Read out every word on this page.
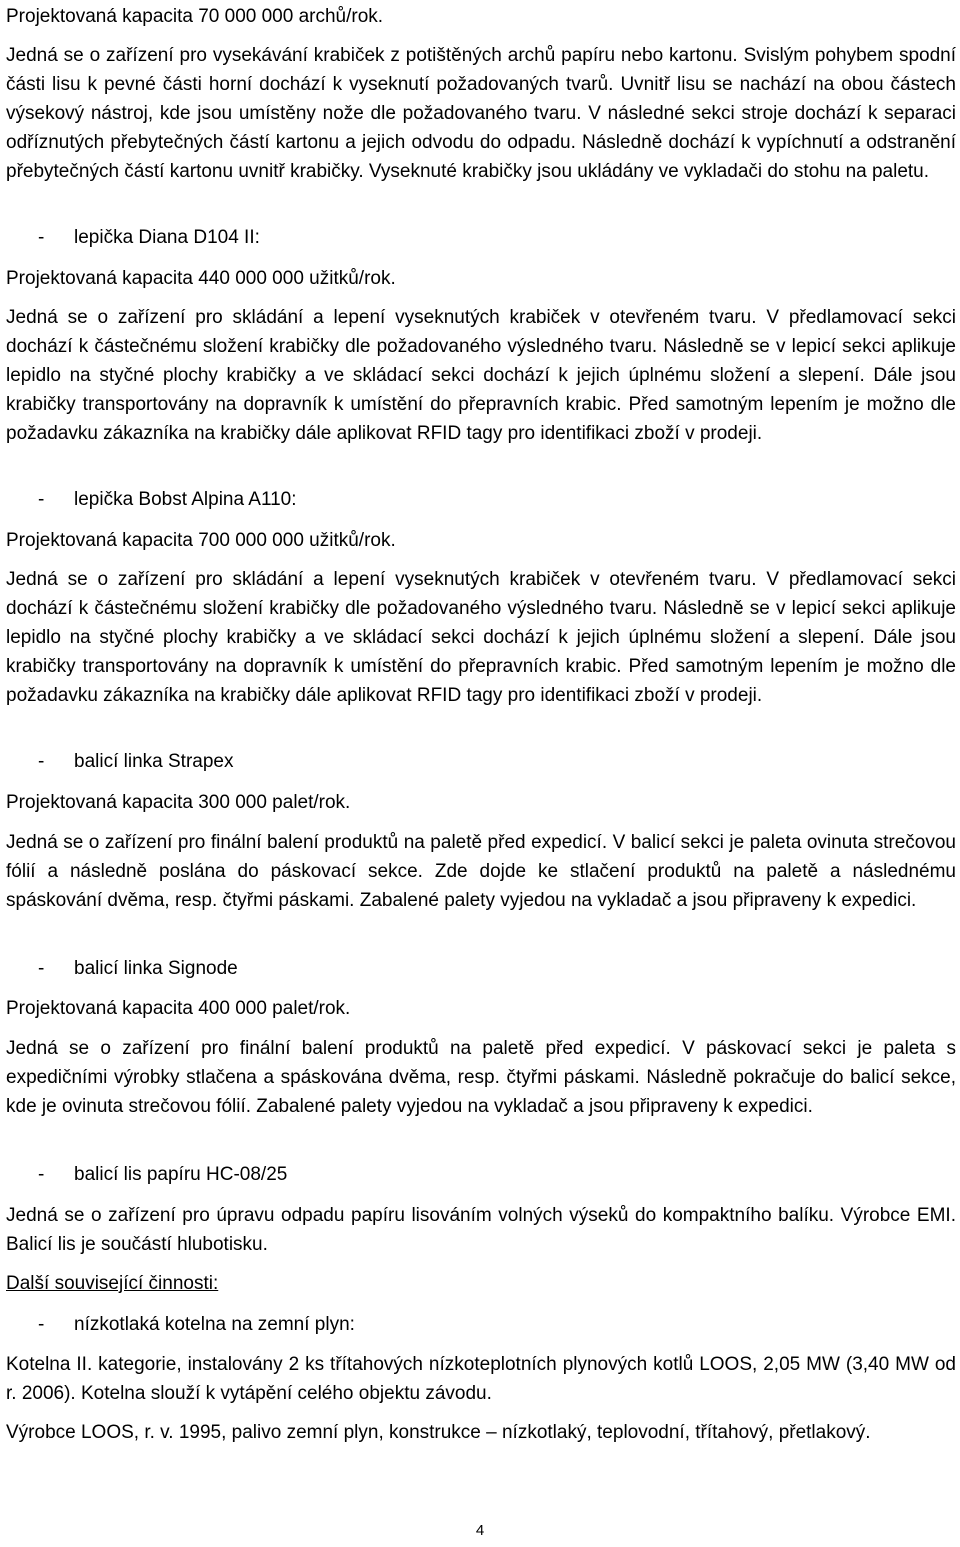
Projektovaná kapacita 70 000 000 archů/rok.

Jedná se o zařízení pro vysekávání krabiček z potištěných archů papíru nebo kartonu. Svislým pohybem spodní části lisu k pevné části horní dochází k vyseknutí požadovaných tvarů. Uvnitř lisu se nachází na obou částech výsekový nástroj, kde jsou umístěny nože dle požadovaného tvaru. V následné sekci stroje dochází k separaci odříznutých přebytečných částí kartonu a jejich odvodu do odpadu. Následně dochází k vypíchnutí a odstranění přebytečných částí kartonu uvnitř krabičky. Vyseknuté krabičky jsou ukládány ve vykladači do stohu na paletu.

- lepička Diana D104 II:

Projektovaná kapacita 440 000 000 užitků/rok.

Jedná se o zařízení pro skládání a lepení vyseknutých krabiček v otevřeném tvaru. V předlamovací sekci dochází k částečnému složení krabičky dle požadovaného výsledného tvaru. Následně se v lepicí sekci aplikuje lepidlo na styčné plochy krabičky a ve skládací sekci dochází k jejich úplnému složení a slepení. Dále jsou krabičky transportovány na dopravník k umístění do přepravních krabic. Před samotným lepením je možno dle požadavku zákazníka na krabičky dále aplikovat RFID tagy pro identifikaci zboží v prodeji.

- lepička Bobst Alpina A110:

Projektovaná kapacita 700 000 000 užitků/rok.

Jedná se o zařízení pro skládání a lepení vyseknutých krabiček v otevřeném tvaru. V předlamovací sekci dochází k částečnému složení krabičky dle požadovaného výsledného tvaru. Následně se v lepicí sekci aplikuje lepidlo na styčné plochy krabičky a ve skládací sekci dochází k jejich úplnému složení a slepení. Dále jsou krabičky transportovány na dopravník k umístění do přepravních krabic. Před samotným lepením je možno dle požadavku zákazníka na krabičky dále aplikovat RFID tagy pro identifikaci zboží v prodeji.

- balicí linka Strapex

Projektovaná kapacita 300 000 palet/rok.

Jedná se o zařízení pro finální balení produktů na paletě před expedicí. V balicí sekci je paleta ovinuta strečovou fólií a následně poslána do páskovací sekce. Zde dojde ke stlačení produktů na paletě a následnému spáskování dvěma, resp. čtyřmi páskami. Zabalené palety vyjedou na vykladač a jsou připraveny k expedici.

- balicí linka Signode

Projektovaná kapacita 400 000 palet/rok.

Jedná se o zařízení pro finální balení produktů na paletě před expedicí. V páskovací sekci je paleta s expedičními výrobky stlačena a spáskována dvěma, resp. čtyřmi páskami. Následně pokračuje do balicí sekce, kde je ovinuta strečovou fólií. Zabalené palety vyjedou na vykladač a jsou připraveny k expedici.

- balicí lis papíru HC-08/25

Jedná se o zařízení pro úpravu odpadu papíru lisováním volných výseků do kompaktního balíku. Výrobce EMI. Balicí lis je součástí hlubotisku.

Další související činnosti:

- nízkotlaká kotelna na zemní plyn:

Kotelna II. kategorie, instalovány 2 ks třítahových nízkoteplotních plynových kotlů LOOS, 2,05 MW (3,40 MW od r. 2006). Kotelna slouží k vytápění celého objektu závodu.

Výrobce LOOS, r. v. 1995, palivo zemní plyn, konstrukce – nízkotlaký, teplovodní, třítahový, přetlakový.

4
